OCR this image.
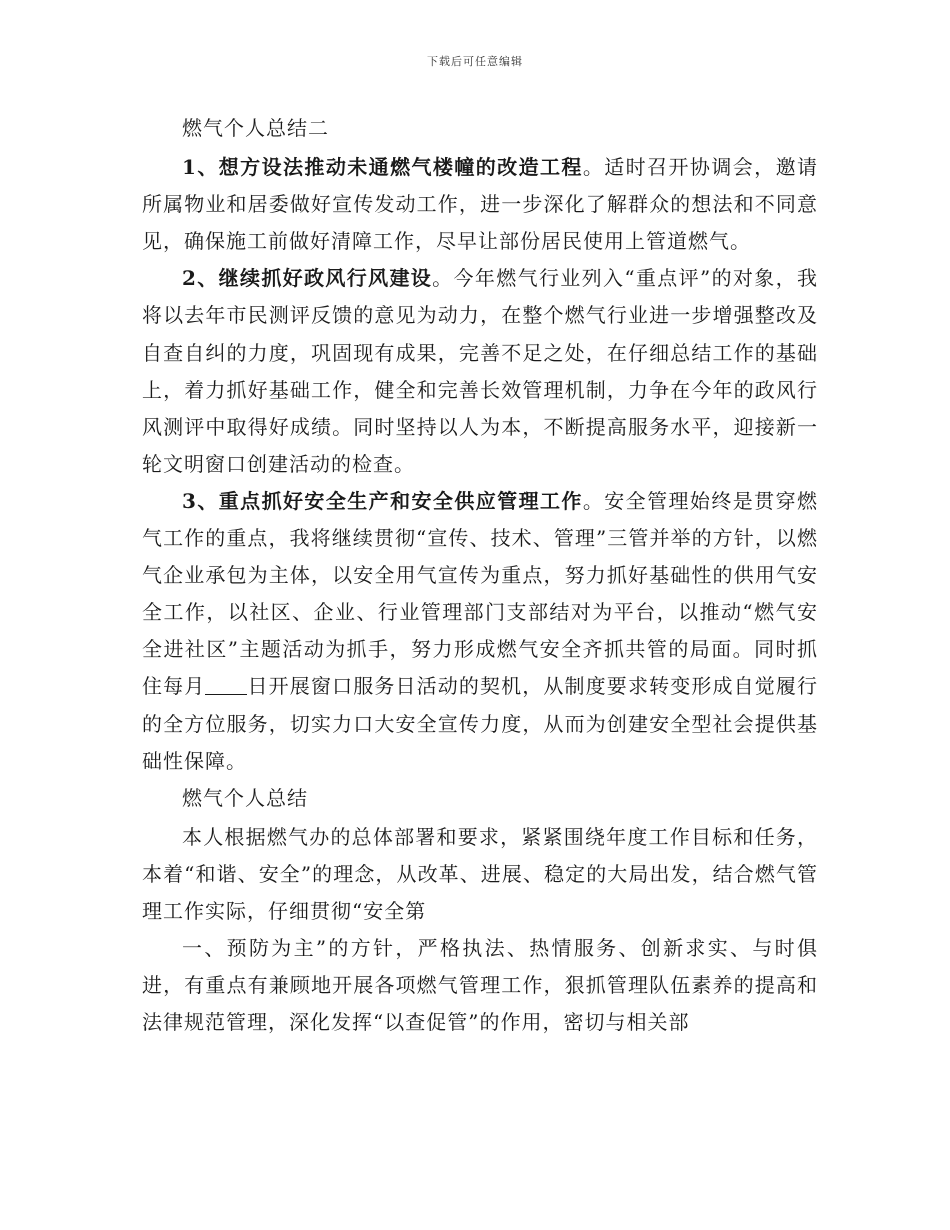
下载后可任意编辑

燃气个人总结二

1、想方设法推动未通燃气楼幢的改造工程。适时召开协调会，邀请所属物业和居委做好宣传发动工作，进一步深化了解群众的想法和不同意见，确保施工前做好清障工作，尽早让部份居民使用上管道燃气。

2、继续抓好政风行风建设。今年燃气行业列入“重点评”的对象，我将以去年市民测评反馈的意见为动力，在整个燃气行业进一步增强整改及自查自纠的力度，巩固现有成果，完善不足之处，在仔细总结工作的基础上，着力抓好基础工作，健全和完善长效管理机制，力争在今年的政风行风测评中取得好成绩。同时坚持以人为本，不断提高服务水平，迎接新一轮文明窗口创建活动的检查。

3、重点抓好安全生产和安全供应管理工作。安全管理始终是贯穿燃气工作的重点，我将继续贯彻“宣传、技术、管理”三管并举的方针，以燃气企业承包为主体，以安全用气宣传为重点，努力抓好基础性的供用气安全工作，以社区、企业、行业管理部门支部结对为平台，以推动“燃气安全进社区”主题活动为抓手，努力形成燃气安全齐抓共管的局面。同时抓住每月 日开展窗口服务日活动的契机，从制度要求转变形成自觉履行的全方位服务，切实力口大安全宣传力度，从而为创建安全型社会提供基础性保障。

燃气个人总结

本人根据燃气办的总体部署和要求，紧紧围绕年度工作目标和任务，本着“和谐、安全”的理念，从改革、进展、稳定的大局出发，结合燃气管理工作实际，仔细贯彻“安全第

一、预防为主”的方针，严格执法、热情服务、创新求实、与时俱进，有重点有兼顾地开展各项燃气管理工作，狠抓管理队伍素养的提高和法律规范管理，深化发挥“以查促管”的作用，密切与相关部
